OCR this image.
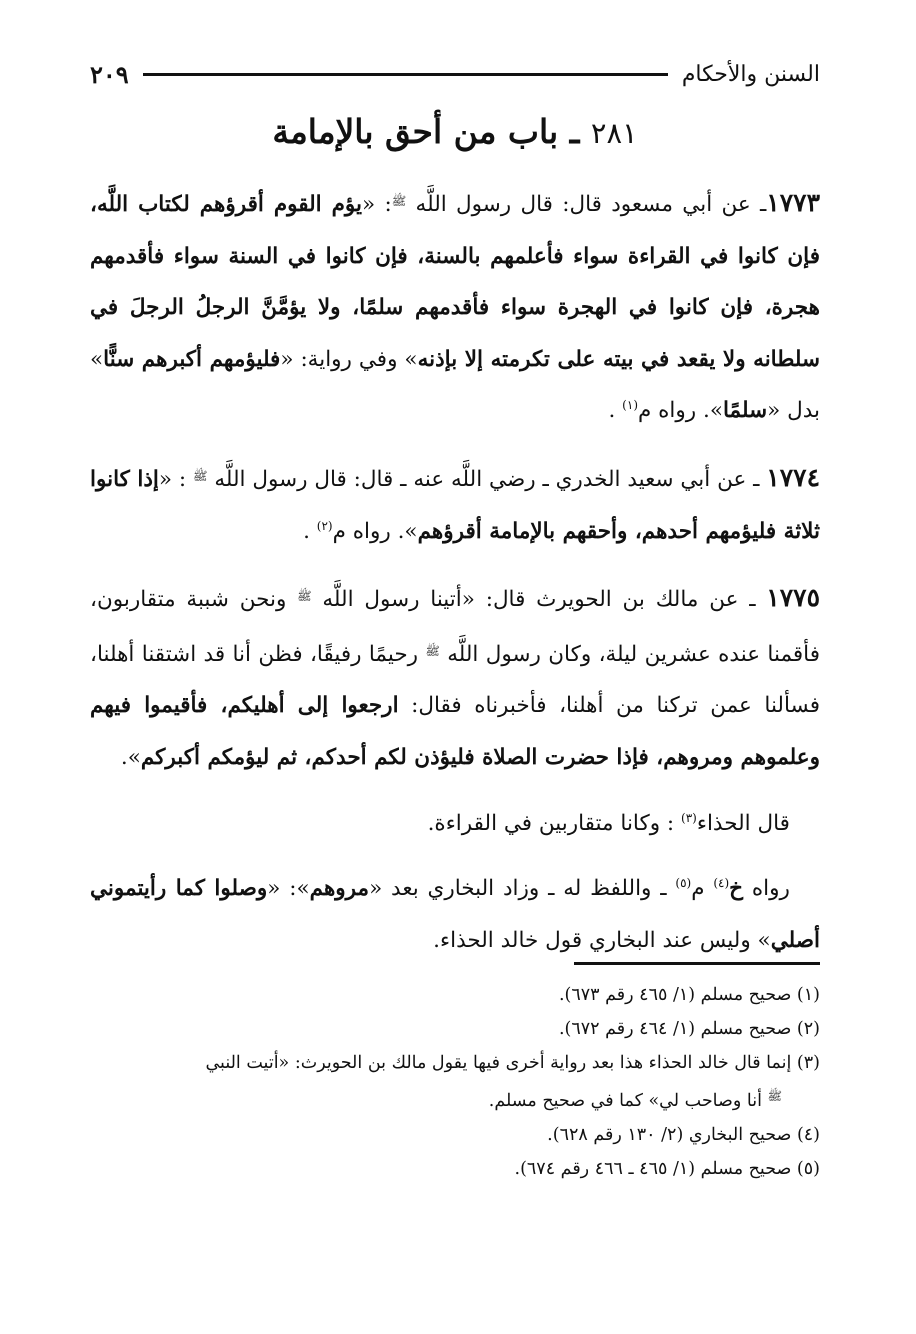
السنن والأحكام
٢٠٩
٢٨١ ـ باب من أحق بالإمامة

١٧٧٣ـ عن أبي مسعود قال: قال رسول اللَّه $^ﷺ$: «يؤم القوم أقرؤهم لكتاب اللَّه، فإن كانوا في القراءة سواء فأعلمهم بالسنة، فإن كانوا في السنة سواء فأقدمهم هجرة، فإن كانوا في الهجرة سواء فأقدمهم سلمًا، ولا يؤمَّنَّ الرجلُ الرجلَ في سلطانه ولا يقعد في بيته على تكرمته إلا بإذنه» وفي رواية: «فليؤمهم أكبرهم سنًّا» بدل «سلمًا». رواه م$^{(١)}$ .

١٧٧٤ ـ عن أبي سعيد الخدري ـ رضي اللَّه عنه ـ قال: قال رسول اللَّه $^ﷺ$ : «إذا كانوا ثلاثة فليؤمهم أحدهم، وأحقهم بالإمامة أقرؤهم». رواه م$^{(٢)}$ .

١٧٧٥ ـ عن مالك بن الحويرث قال: «أتينا رسول اللَّه $^ﷺ$ ونحن شببة متقاربون، فأقمنا عنده عشرين ليلة، وكان رسول اللَّه $^ﷺ$ رحيمًا رفيقًا، فظن أنا قد اشتقنا أهلنا، فسألنا عمن تركنا من أهلنا، فأخبرناه فقال: ارجعوا إلى أهليكم، فأقيموا فيهم وعلموهم ومروهم، فإذا حضرت الصلاة فليؤذن لكم أحدكم، ثم ليؤمكم أكبركم».

قال الحذاء$^{(٣)}$ : وكانا متقاربين في القراءة.

رواه خ$^{(٤)}$ م$^{(٥)}$ ـ واللفظ له ـ وزاد البخاري بعد «مروهم»: «وصلوا كما رأيتموني أصلي» وليس عند البخاري قول خالد الحذاء.

(١) صحيح مسلم (١/ ٤٦٥ رقم ٦٧٣).

(٢) صحيح مسلم (١/ ٤٦٤ رقم ٦٧٢).

(٣) إنما قال خالد الحذاء هذا بعد رواية أخرى فيها يقول مالك بن الحويرث: «أتيت النبي

$^ﷺ$ أنا وصاحب لي» كما في صحيح مسلم.

(٤) صحيح البخاري (٢/ ١٣٠ رقم ٦٢٨).

(٥) صحيح مسلم (١/ ٤٦٥ ـ ٤٦٦ رقم ٦٧٤).
